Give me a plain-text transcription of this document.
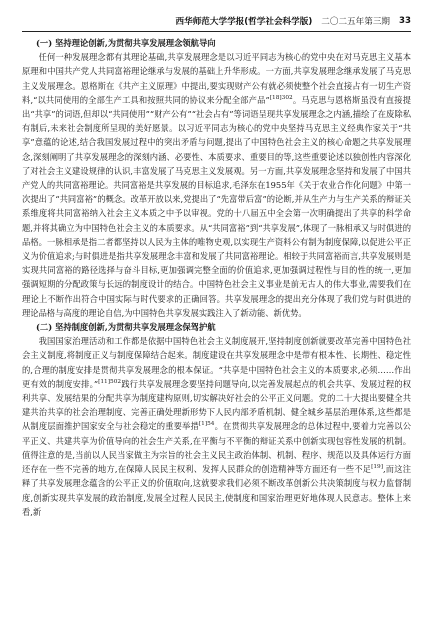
西华师范大学学报(哲学社会科学版) 二〇二五年第三期 33

(一) 坚持理论创新,为贯彻共享发展理念领航导向

任何一种发展理念都有其理论基础,共享发展理念是以习近平同志为核心的党中央在对马克思主义基本原理和中国共产党人共同富裕理论继承与发展的基础上升华形成。一方面,共享发展理念继承发展了马克思主义发展理念。恩格斯在《共产主义原理》中提出,要实现财产公有就必须使整个社会直接占有一切生产资料,“以共同使用的全部生产工具和按照共同的协议来分配全部产品”$^{[18]302}$。马克思与恩格斯虽没有直接提出“共享”的词语,但却以“共同使用”“财产公有”“社会占有”等词语呈现共享发展理念之内涵,描绘了在废除私有制后,未来社会制度所呈现的美好愿景。以习近平同志为核心的党中央坚持马克思主义经典作家关于“共享”意蕴的论述,结合我国发展过程中的突出矛盾与问题,提出了中国特色社会主义的核心命题之共享发展理念,深刻阐明了共享发展理念的深刻内涵、必要性、本质要求、重要目的等,这些重要论述以独创性内容深化了对社会主义建设规律的认识,丰富发展了马克思主义发展观。另一方面,共享发展理念坚持和发展了中国共产党人的共同富裕理论。共同富裕是共享发展的目标追求,毛泽东在1955年《关于农业合作化问题》中第一次提出了“共同富裕”的概念。改革开放以来,党提出了“先富带后富”的论断,并从生产力与生产关系的辩证关系维度将共同富裕纳入社会主义本质之中予以审视。党的十八届五中全会第一次明确提出了共享的科学命题,并将其确立为中国特色社会主义的本质要求。从“共同富裕”到“共享发展”,体现了一脉相承又与时俱进的品格。一脉相承是指二者都坚持以人民为主体的唯物史观,以实现生产资料公有制为制度保障,以促进公平正义为价值追求;与时俱进是指共享发展理念丰富和发展了共同富裕理论。相较于共同富裕而言,共享发展则是实现共同富裕的路径选择与奋斗目标,更加强调完整全面的价值追求,更加强调过程性与目的性的统一,更加强调短期的分配政策与长远的制度设计的结合。中国特色社会主义事业是前无古人的伟大事业,需要我们在理论上不断作出符合中国实际与时代要求的正确回答。共享发展理念的提出充分体现了我们党与时俱进的理论品格与高度的理论自信,为中国特色共享发展实践注入了新动能、新优势。

(二) 坚持制度创新,为贯彻共享发展理念保驾护航

我国国家治理活动和工作都是依据中国特色社会主义制度展开,坚持制度创新就要改革完善中国特色社会主义制度,将制度正义与制度保障结合起来。制度建设在共享发展理念中是带有根本性、长期性、稳定性的,合理的制度安排是贯彻共享发展理念的根本保证。“共享是中国特色社会主义的本质要求,必须……作出更有效的制度安排。”$^{[11]502}$践行共享发展理念要坚持问题导向,以完善发展起点的机会共享、发展过程的权利共享、发展结果的分配共享为制度建构原则,切实解决好社会的公平正义问题。党的二十大提出要健全共建共治共享的社会治理制度、完善正确处理新形势下人民内部矛盾机制、健全城乡基层治理体系,这些都是从制度层面推护国家安全与社会稳定的重要举措$^{[1]54}$。在贯彻共享发展理念的总体过程中,要着力完善以公平正义、共建共享为价值导向的社会生产关系,在平衡与不平衡的辩证关系中创新实现包容性发展的机制。值得注意的是,当前以人民当家做主为宗旨的社会主义民主政治体制、机制、程序、规范以及具体运行方面还存在一些不完善的地方,在保障人民民主权利、发挥人民群众的创造精神等方面还有一些不足[19],而这注释了共享发展理念蕴含的公平正义的价值取向,这就要求我们必须不断改革创新公共决策制度与权力监督制度,创新实现共享发展的政治制度,发展全过程人民民主,使制度和国家治理更好地体现人民意志。整体上来看,新
